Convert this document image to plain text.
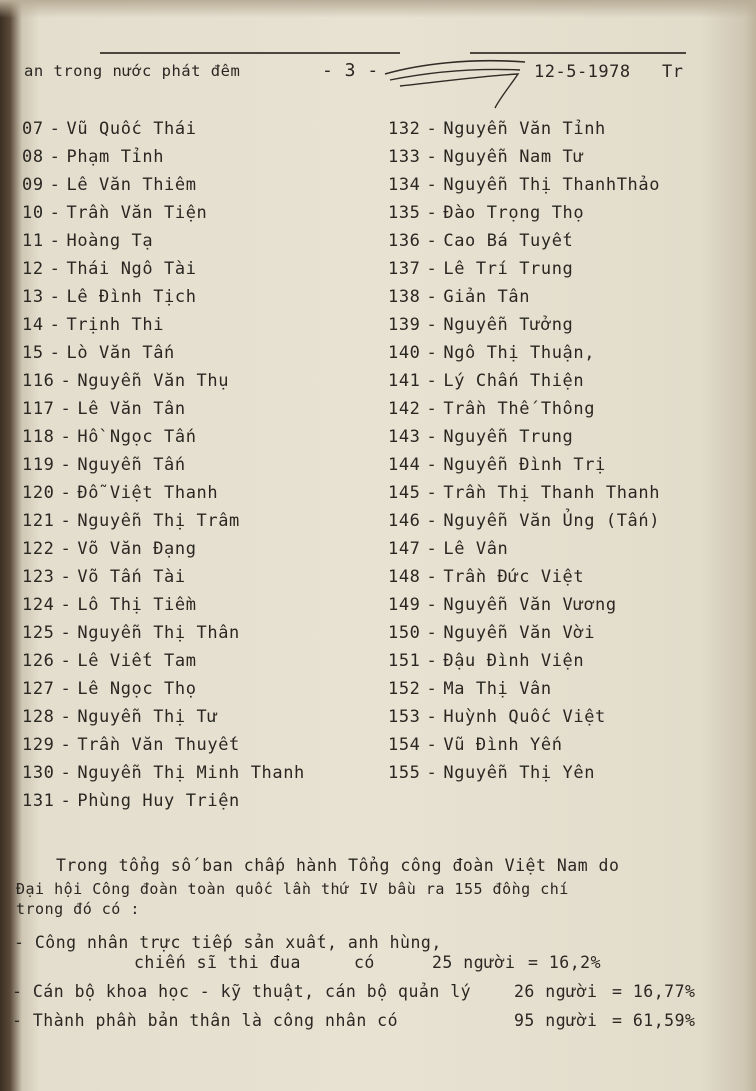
an trong nước phát đêm	- 3 -	12-5-1978 Tr
07 - Vũ Quốc Thái
08 - Phạm Tỉnh
09 - Lê Văn Thiêm
10 - Trần Văn Tiện
11 - Hoàng Tạ
12 - Thái Ngô Tài
13 - Lê Đình Tịch
14 - Trịnh Thi
15 - Lò Văn Tấn
116 - Nguyễn Văn Thụ
117 - Lê Văn Tân
118 - Hồ Ngọc Tấn
119 - Nguyễn Tấn
120 - Đỗ Việt Thanh
121 - Nguyễn Thị Trâm
122 - Võ Văn Đạng
123 - Võ Tấn Tài
124 - Lô Thị Tiềm
125 - Nguyễn Thị Thân
126 - Lê Viết Tam
127 - Lê Ngọc Thọ
128 - Nguyễn Thị Tư
129 - Trần Văn Thuyết
130 - Nguyễn Thị Minh Thanh
131 - Phùng Huy Triện
132 - Nguyễn Văn Tỉnh
133 - Nguyễn Nam Tư
134 - Nguyễn Thị ThanhThảo
135 - Đào Trọng Thọ
136 - Cao Bá Tuyết
137 - Lê Trí Trung
138 - Giản Tân
139 - Nguyễn Tưởng
140 - Ngô Thị Thuận,
141 - Lý Chấn Thiện
142 - Trần Thế Thông
143 - Nguyễn Trung
144 - Nguyễn Đình Trị
145 - Trần Thị Thanh Thanh
146 - Nguyễn Văn Ủng (Tấn)
147 - Lê Vân
148 - Trần Đức Việt
149 - Nguyễn Văn Vương
150 - Nguyễn Văn Vời
151 - Đậu Đình Viện
152 - Ma Thị Vân
153 - Huỳnh Quốc Việt
154 - Vũ Đình Yến
155 - Nguyễn Thị Yên
Trong tổng số ban chấp hành Tổng công đoàn Việt Nam do
Đại hội Công đoàn toàn quốc lần thứ IV bầu ra 155 đồng chí
trong đó có :
- Công nhân trực tiếp sản xuất, anh hùng,
chiến sĩ thi đua	có	25 người = 16,2%
- Cán bộ khoa học - kỹ thuật, cán bộ quản lý	26 người = 16,77%
- Thành phần bản thân là công nhân có	95 người = 61,59%
